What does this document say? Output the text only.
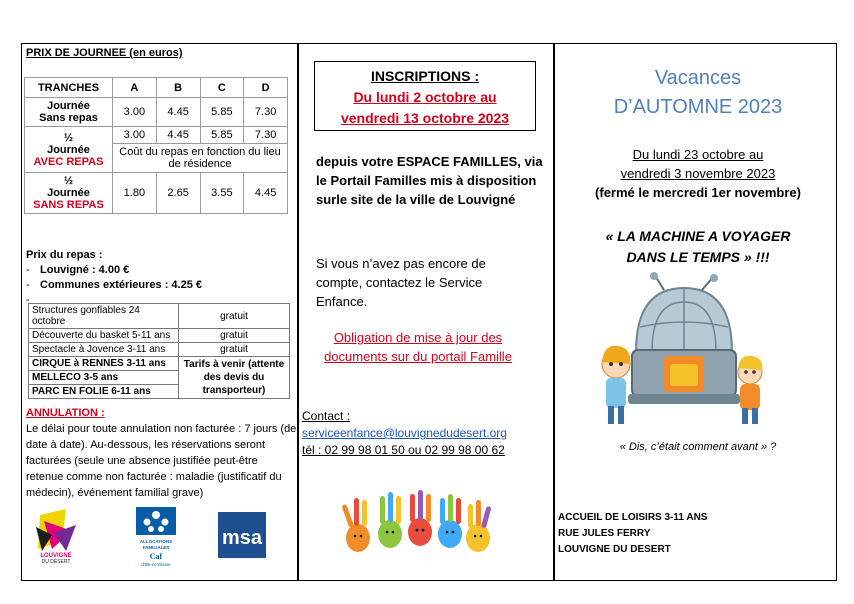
PRIX DE JOURNEE (en euros)
TRANCHES	A	B	C	D

Journée
Sans repas	3.00	4.45	5.85	7.30

½
Journée
AVEC REPAS	3.00	4.45	5.85	7.30
	Coût du repas en fonction du lieu de résidence			

½
Journée
SANS REPAS	1.80	2.65	3.55	4.45
Prix du repas :
- Louvigné : 4.00 €
- Communes extérieures : 4.25 €
-
Structures gonflables 24 octobre	gratuit
Découverte du basket 5-11 ans	gratuit
Spectacle à Jovence 3-11 ans	gratuit
CIRQUE à RENNES 3-11 ans	Tarifs à venir (attente des devis du transporteur)
MELLECO 3-5 ans	
PARC EN FOLIE 6-11 ans	
ANNULATION :
Le délai pour toute annulation non facturée : 7 jours (de date à date). Au-dessous, les réservations seront facturées (seule une absence justifiée peut-être retenue comme non facturée : maladie (justificatif du médecin), événement familial grave)
LOUVIGNÉ
DU DÉSERT
ALLOCATIONS
FAMILIALES
Caf
d'Ille-et-Vilaine
msa
INSCRIPTIONS :
Du lundi 2 octobre au
vendredi 13 octobre 2023
depuis votre ESPACE FAMILLES, via le Portail Familles mis à disposition surle site de la ville de Louvigné
Si vous n’avez pas encore de compte, contactez le Service Enfance.
Obligation de mise à jour des documents sur du portail Famille
Contact :
serviceenfance@louvignedudesert.org
tél : 02 99 98 01 50 ou 02 99 98 00 62
Vacances
D’AUTOMNE 2023
Du lundi 23 octobre au
vendredi 3 novembre 2023
(fermé le mercredi 1er novembre)
« LA MACHINE A VOYAGER
DANS LE TEMPS » !!!
« Dis, c’était comment avant » ?
ACCUEIL DE LOISIRS 3-11 ANS
RUE JULES FERRY
LOUVIGNE DU DESERT
